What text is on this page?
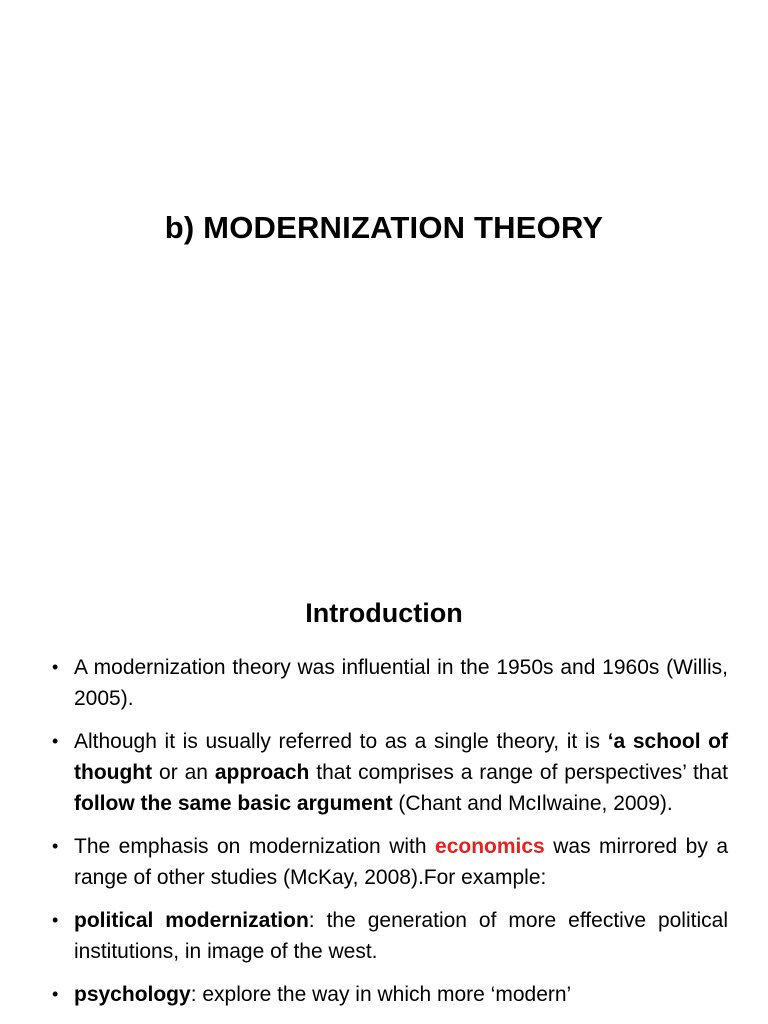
b) MODERNIZATION THEORY
Introduction
• A modernization theory was influential in the 1950s and 1960s (Willis, 2005).
• Although it is usually referred to as a single theory, it is ‘a school of thought or an approach that comprises a range of perspectives’ that follow the same basic argument (Chant and McIlwaine, 2009).
• The emphasis on modernization with economics was mirrored by a range of other studies (McKay, 2008).For example:
• political modernization: the generation of more effective political institutions, in image of the west.
• psychology: explore the way in which more ‘modern’
